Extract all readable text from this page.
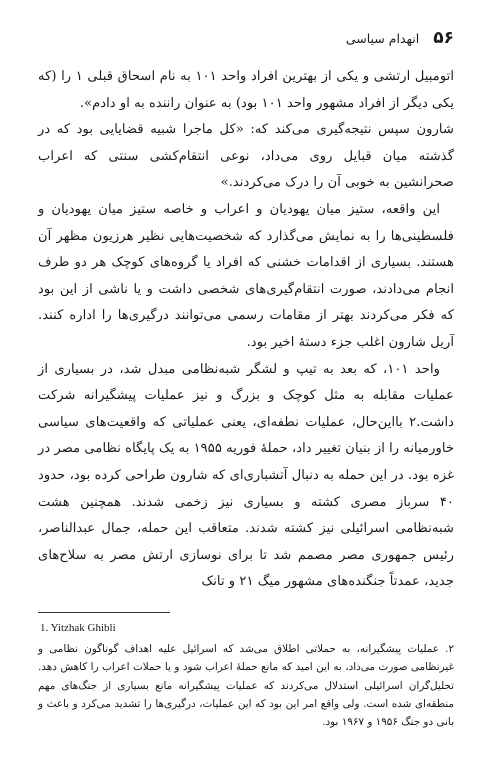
۵۶
انهدام سیاسی

اتومبیل ارتشی و یکی از بهترین افراد واحد ۱۰۱ به نام اسحاق قبلی ۱ را (که یکی دیگر از افراد مشهور واحد ۱۰۱ بود) به عنوان راننده به او دادم».

شارون سپس نتیجه‌گیری می‌کند که: «کل ماجرا شبیه قضایایی بود که در گذشته میان قبایل روی می‌داد، نوعی انتقام‌کشی سنتی که اعراب صحرانشین به خوبی آن را درک می‌کردند.»

این واقعه، ستیز میان یهودیان و اعراب و خاصه ستیز میان یهودیان و فلسطینی‌ها را به نمایش می‌گذارد که شخصیت‌هایی نظیر هرزیون مظهر آن هستند. بسیاری از اقدامات خشنی که افراد یا گروه‌های کوچک هر دو طرف انجام می‌دادند، صورت انتقام‌گیری‌های شخصی داشت و یا ناشی از این بود که فکر می‌کردند بهتر از مقامات رسمی می‌توانند درگیری‌ها را اداره کنند. آریل شارون اغلب جزء دستهٔ اخیر بود.

واحد ۱۰۱، که بعد به تیپ و لشگر شبه‌نظامی مبدل شد، در بسیاری از عملیات مقابله به مثل کوچک و بزرگ و نیز عملیات پیشگیرانه شرکت داشت.۲ بااین‌حال، عملیات نطفه‌ای، یعنی عملیاتی که واقعیت‌های سیاسی خاورمیانه را از بنیان تغییر داد، حملهٔ فوریه ۱۹۵۵ به یک پایگاه نظامی مصر در غزه بود. در این حمله به دنبال آتشباری‌ای که شارون طراحی کرده بود، حدود ۴۰ سرباز مصری کشته و بسیاری نیز زخمی شدند. همچنین هشت شبه‌نظامی اسرائیلی نیز کشته شدند. متعاقب این حمله، جمال عبدالناصر، رئیس جمهوری مصر مصمم شد تا برای نوسازی ارتش مصر به سلاح‌های جدید، عمدتاً جنگنده‌های مشهور میگ ۲۱ و تانک

1. Yitzhak Ghibli
۲. عملیات پیشگیرانه، به حملاتی اطلاق می‌شد که اسرائیل علیه اهداف گوناگون نظامی و غیرنظامی صورت می‌داد، به این امید که مانع حملهٔ اعراب شود و یا حملات اعراب را کاهش دهد. تحلیل‌گران اسرائیلی استدلال می‌کردند که عملیات پیشگیرانه مانع بسیاری از جنگ‌های مهم منطقه‌ای شده است. ولی واقع امر این بود که این عملیات، درگیری‌ها را تشدید می‌کرد و باعث و بانی دو جنگ ۱۹۵۶ و ۱۹۶۷ بود.
